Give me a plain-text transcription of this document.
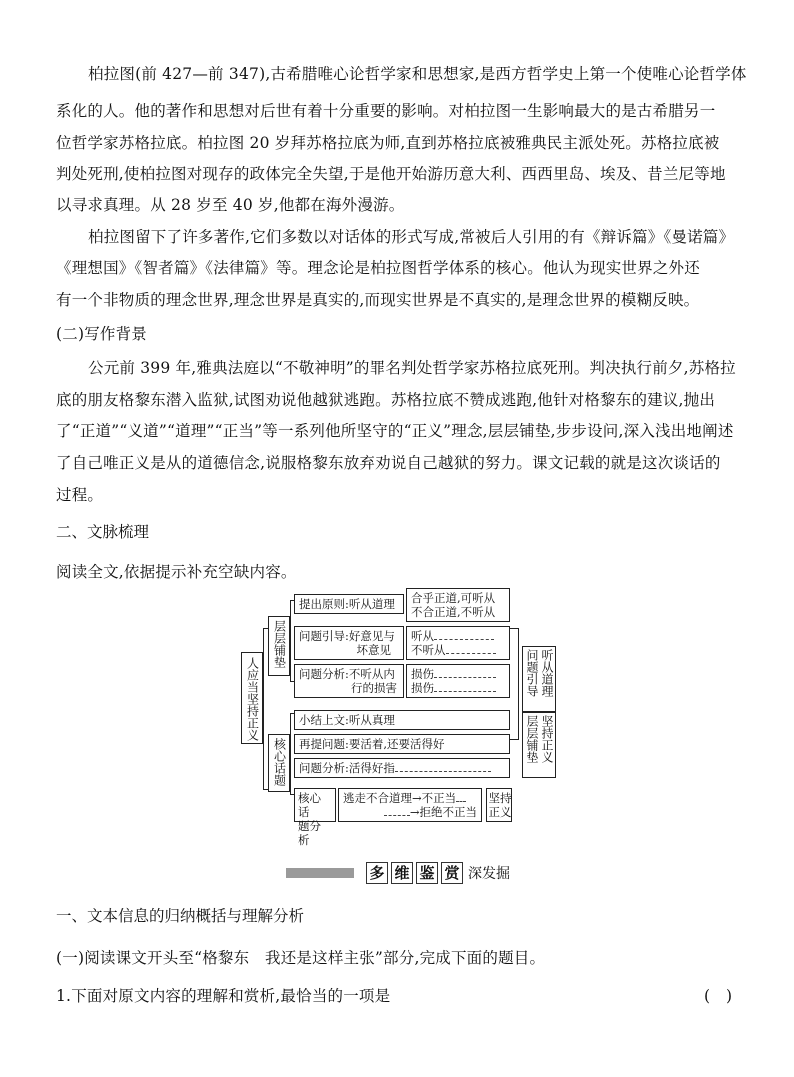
柏拉图(前 427—前 347),古希腊唯心论哲学家和思想家,是西方哲学史上第一个使唯心论哲学体
系化的人。他的著作和思想对后世有着十分重要的影响。对柏拉图一生影响最大的是古希腊另一
位哲学家苏格拉底。柏拉图 20 岁拜苏格拉底为师,直到苏格拉底被雅典民主派处死。苏格拉底被
判处死刑,使柏拉图对现存的政体完全失望,于是他开始游历意大利、西西里岛、埃及、昔兰尼等地
以寻求真理。从 28 岁至 40 岁,他都在海外漫游。
柏拉图留下了许多著作,它们多数以对话体的形式写成,常被后人引用的有《辩诉篇》《曼诺篇》
《理想国》《智者篇》《法律篇》等。理念论是柏拉图哲学体系的核心。他认为现实世界之外还
有一个非物质的理念世界,理念世界是真实的,而现实世界是不真实的,是理念世界的模糊反映。
(二)写作背景
公元前 399 年,雅典法庭以“不敬神明”的罪名判处哲学家苏格拉底死刑。判决执行前夕,苏格拉
底的朋友格黎东潜入监狱,试图劝说他越狱逃跑。苏格拉底不赞成逃跑,他针对格黎东的建议,抛出
了“正道”“义道”“道理”“正当”等一系列他所坚守的“正义”理念,层层铺垫,步步设问,深入浅出地阐述
了自己唯正义是从的道德信念,说服格黎东放弃劝说自己越狱的努力。课文记载的就是这次谈话的
过程。
二、文脉梳理
阅读全文,依据提示补充空缺内容。
人应当坚持正义
层层铺垫
核心话题
提出原则:听从道理	合乎正道,可听从
不合正道,不听从
问题引导:好意见与
坏意见
听从
不听从
问题分析:不听从内
行的损害
损伤
损伤
小结上文:听从真理
再提问题:要活着,还要活得好
问题分析:活得好指
核心话
题分析
逃走不合道理→不正当
→拒绝不正当
坚持正义
问题引导 听从道理
层层铺垫 坚持正义
多 维 鉴 赏 深发掘
一、文本信息的归纳概括与理解分析
(一)阅读课文开头至“格黎东　我还是这样主张”部分,完成下面的题目。
1.下面对原文内容的理解和赏析,最恰当的一项是	(　)
